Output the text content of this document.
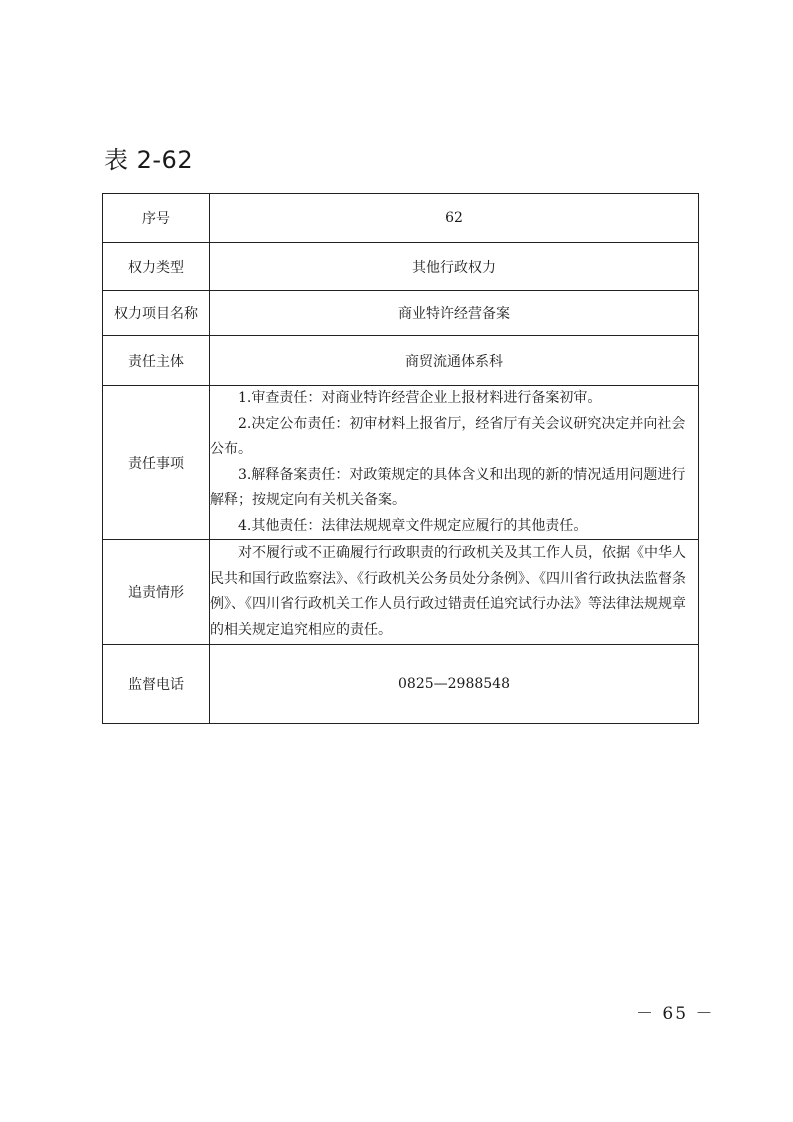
表 2-62
序号	62
权力类型	其他行政权力
权力项目名称	商业特许经营备案
责任主体	商贸流通体系科
责任事项	1.审查责任：对商业特许经营企业上报材料进行备案初审。

2.决定公布责任：初审材料上报省厅，经省厅有关会议研究决定并向社会公布。

3.解释备案责任：对政策规定的具体含义和出现的新的情况适用问题进行解释；按规定向有关机关备案。

4.其他责任：法律法规规章文件规定应履行的其他责任。

追责情形	对不履行或不正确履行行政职责的行政机关及其工作人员，依据《中华人民共和国行政监察法》、《行政机关公务员处分条例》、《四川省行政执法监督条例》、《四川省行政机关工作人员行政过错责任追究试行办法》等法律法规规章的相关规定追究相应的责任。

监督电话	0825—2988548
－ 65 －
